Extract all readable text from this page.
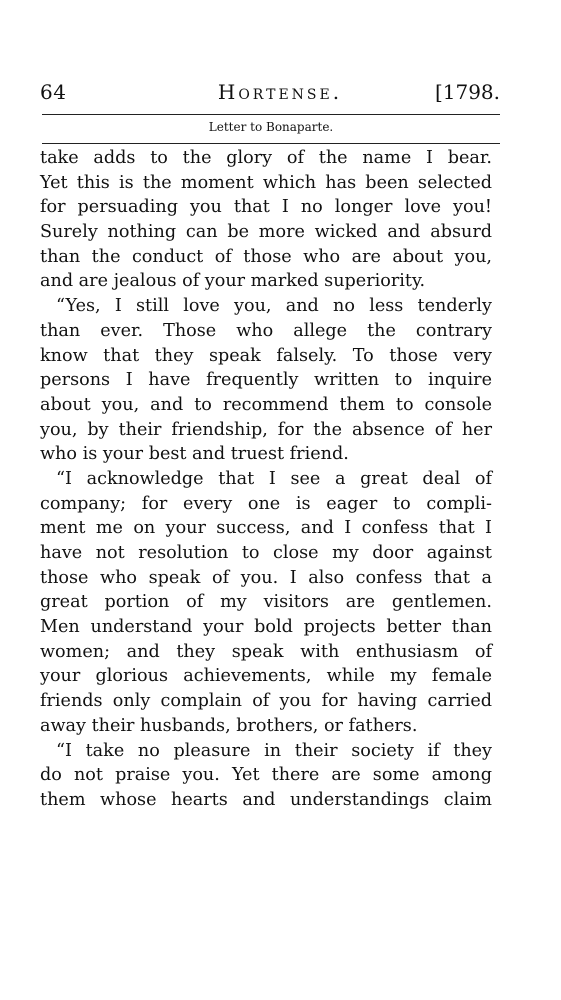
64	Hortense.	[1798.
Letter to Bonaparte.
take adds to the glory of the name I bear.
Yet this is the moment which has been selected
for persuading you that I no longer love you!
Surely nothing can be more wicked and absurd
than the conduct of those who are about you,
and are jealous of your marked superiority.
“Yes, I still love you, and no less tenderly
than ever. Those who allege the contrary
know that they speak falsely. To those very
persons I have frequently written to inquire
about you, and to recommend them to console
you, by their friendship, for the absence of her
who is your best and truest friend.
“I acknowledge that I see a great deal of
company; for every one is eager to compli-
ment me on your success, and I confess that I
have not resolution to close my door against
those who speak of you. I also confess that a
great portion of my visitors are gentlemen.
Men understand your bold projects better than
women; and they speak with enthusiasm of
your glorious achievements, while my female
friends only complain of you for having carried
away their husbands, brothers, or fathers.
“I take no pleasure in their society if they
do not praise you. Yet there are some among
them whose hearts and understandings claim
